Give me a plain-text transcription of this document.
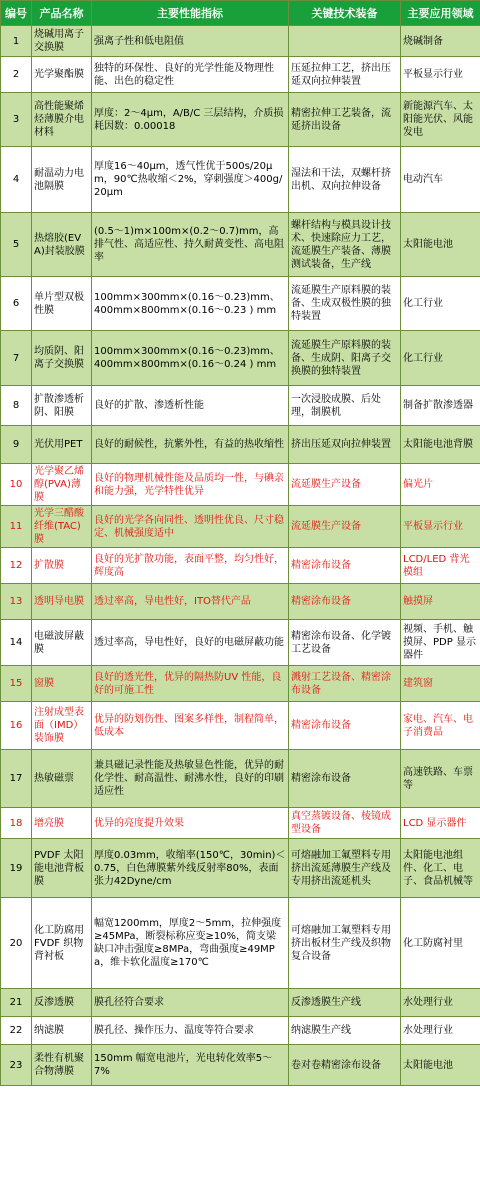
编号	产品名称	主要性能指标	关键技术装备	主要应用领域
1	烧碱用离子交换膜	强离子性和低电阻值		烧碱制备
2	光学聚酯膜	独特的环保性、良好的光学性能及物理性能、出色的稳定性	压延拉伸工艺，挤出压延双向拉伸装置	平板显示行业
3	高性能聚烯烃薄膜介电材料	厚度：2～4μm，A/B/C 三层结构，介质损耗因数：0.00018	精密拉伸工艺装备，流延挤出设备	新能源汽车、太阳能光伏、风能发电
4	耐温动力电池隔膜	厚度16～40μm，透气性优于500s/20μm，90℃热收缩＜2%，穿刺强度＞400g/20μm	湿法和干法，双螺杆挤出机、双向拉伸设备	电动汽车
5	热熔胶(EVA)封装胶膜	(0.5～1)m×100m×(0.2～0.7)mm，高排气性、高适应性、持久耐黄变性、高电阻率	螺杆结构与模具设计技术、快速除应力工艺，流延膜生产装备、薄膜测试装备，生产线	太阳能电池
6	单片型双极性膜	100mm×300mm×(0.16～0.23)mm、400mm×800mm×(0.16～0.23 ) mm	流延膜生产原料膜的装备、生成双极性膜的独特装置	化工行业
7	均质阴、阳离子交换膜	100mm×300mm×(0.16～0.23)mm、400mm×800mm×(0.16～0.24 ) mm	流延膜生产原料膜的装备、生成阴、阳离子交换膜的独特装置	化工行业
8	扩散渗透析阴、阳膜	良好的扩散、渗透析性能	一次浸胶成膜、后处理，制膜机	制备扩散渗透器
9	光伏用PET	良好的耐候性，抗紫外性，有益的热收缩性	挤出压延双向拉伸装置	太阳能电池背膜
10	光学聚乙烯醇(PVA)薄膜	良好的物理机械性能及品质均一性，与碘亲和能力强，光学特性优异	流延膜生产设备	偏光片
11	光学三醋酸纤维(TAC)膜	良好的光学各向同性、透明性优良、尺寸稳定、机械强度适中	流延膜生产设备	平板显示行业
12	扩散膜	良好的光扩散功能，表面平整，均匀性好，辉度高	精密涂布设备	LCD/LED 背光模组
13	透明导电膜	透过率高，导电性好，ITO替代产品	精密涂布设备	触摸屏
14	电磁波屏蔽膜	透过率高，导电性好，良好的电磁屏蔽功能	精密涂布设备、化学镀工艺设备	视频、手机、触摸屏、PDP 显示器件
15	窗膜	良好的透光性，优异的隔热防UV 性能，良好的可施工性	溅射工艺设备、精密涂布设备	建筑窗
16	注射成型表面（IMD）装饰膜	优异的防划伤性、图案多样性，制程简单，低成本	精密涂布设备	家电、汽车、电子消费品
17	热敏磁票	兼具磁记录性能及热敏显色性能，优异的耐化学性、耐高温性、耐沸水性，良好的印刷适应性	精密涂布设备	高速铁路、车票等
18	增亮膜	优异的亮度提升效果	真空蒸镀设备、棱镜成型设备	LCD 显示器件
19	PVDF 太阳能电池背板膜	厚度0.03mm，收缩率(150℃，30min)＜0.75，白色薄膜紫外线反射率80%，表面张力42Dyne/cm	可熔融加工氟塑料专用挤出流延薄膜生产线及专用挤出流延机头	太阳能电池组件、化工、电子、食品机械等
20	化工防腐用 FVDF 织物背衬板	幅宽1200mm，厚度2～5mm，拉伸强度≥45MPa，断裂标称应变≥10%，简支梁缺口冲击强度≥8MPa，弯曲强度≥49MPa，维卡软化温度≥170℃	可熔融加工氟塑料专用挤出板材生产线及织物复合设备	化工防腐衬里
21	反渗透膜	膜孔径符合要求	反渗透膜生产线	水处理行业
22	纳滤膜	膜孔径、操作压力、温度等符合要求	纳滤膜生产线	水处理行业
23	柔性有机聚合物薄膜	150mm 幅宽电池片，光电转化效率5～7%	卷对卷精密涂布设备	太阳能电池
